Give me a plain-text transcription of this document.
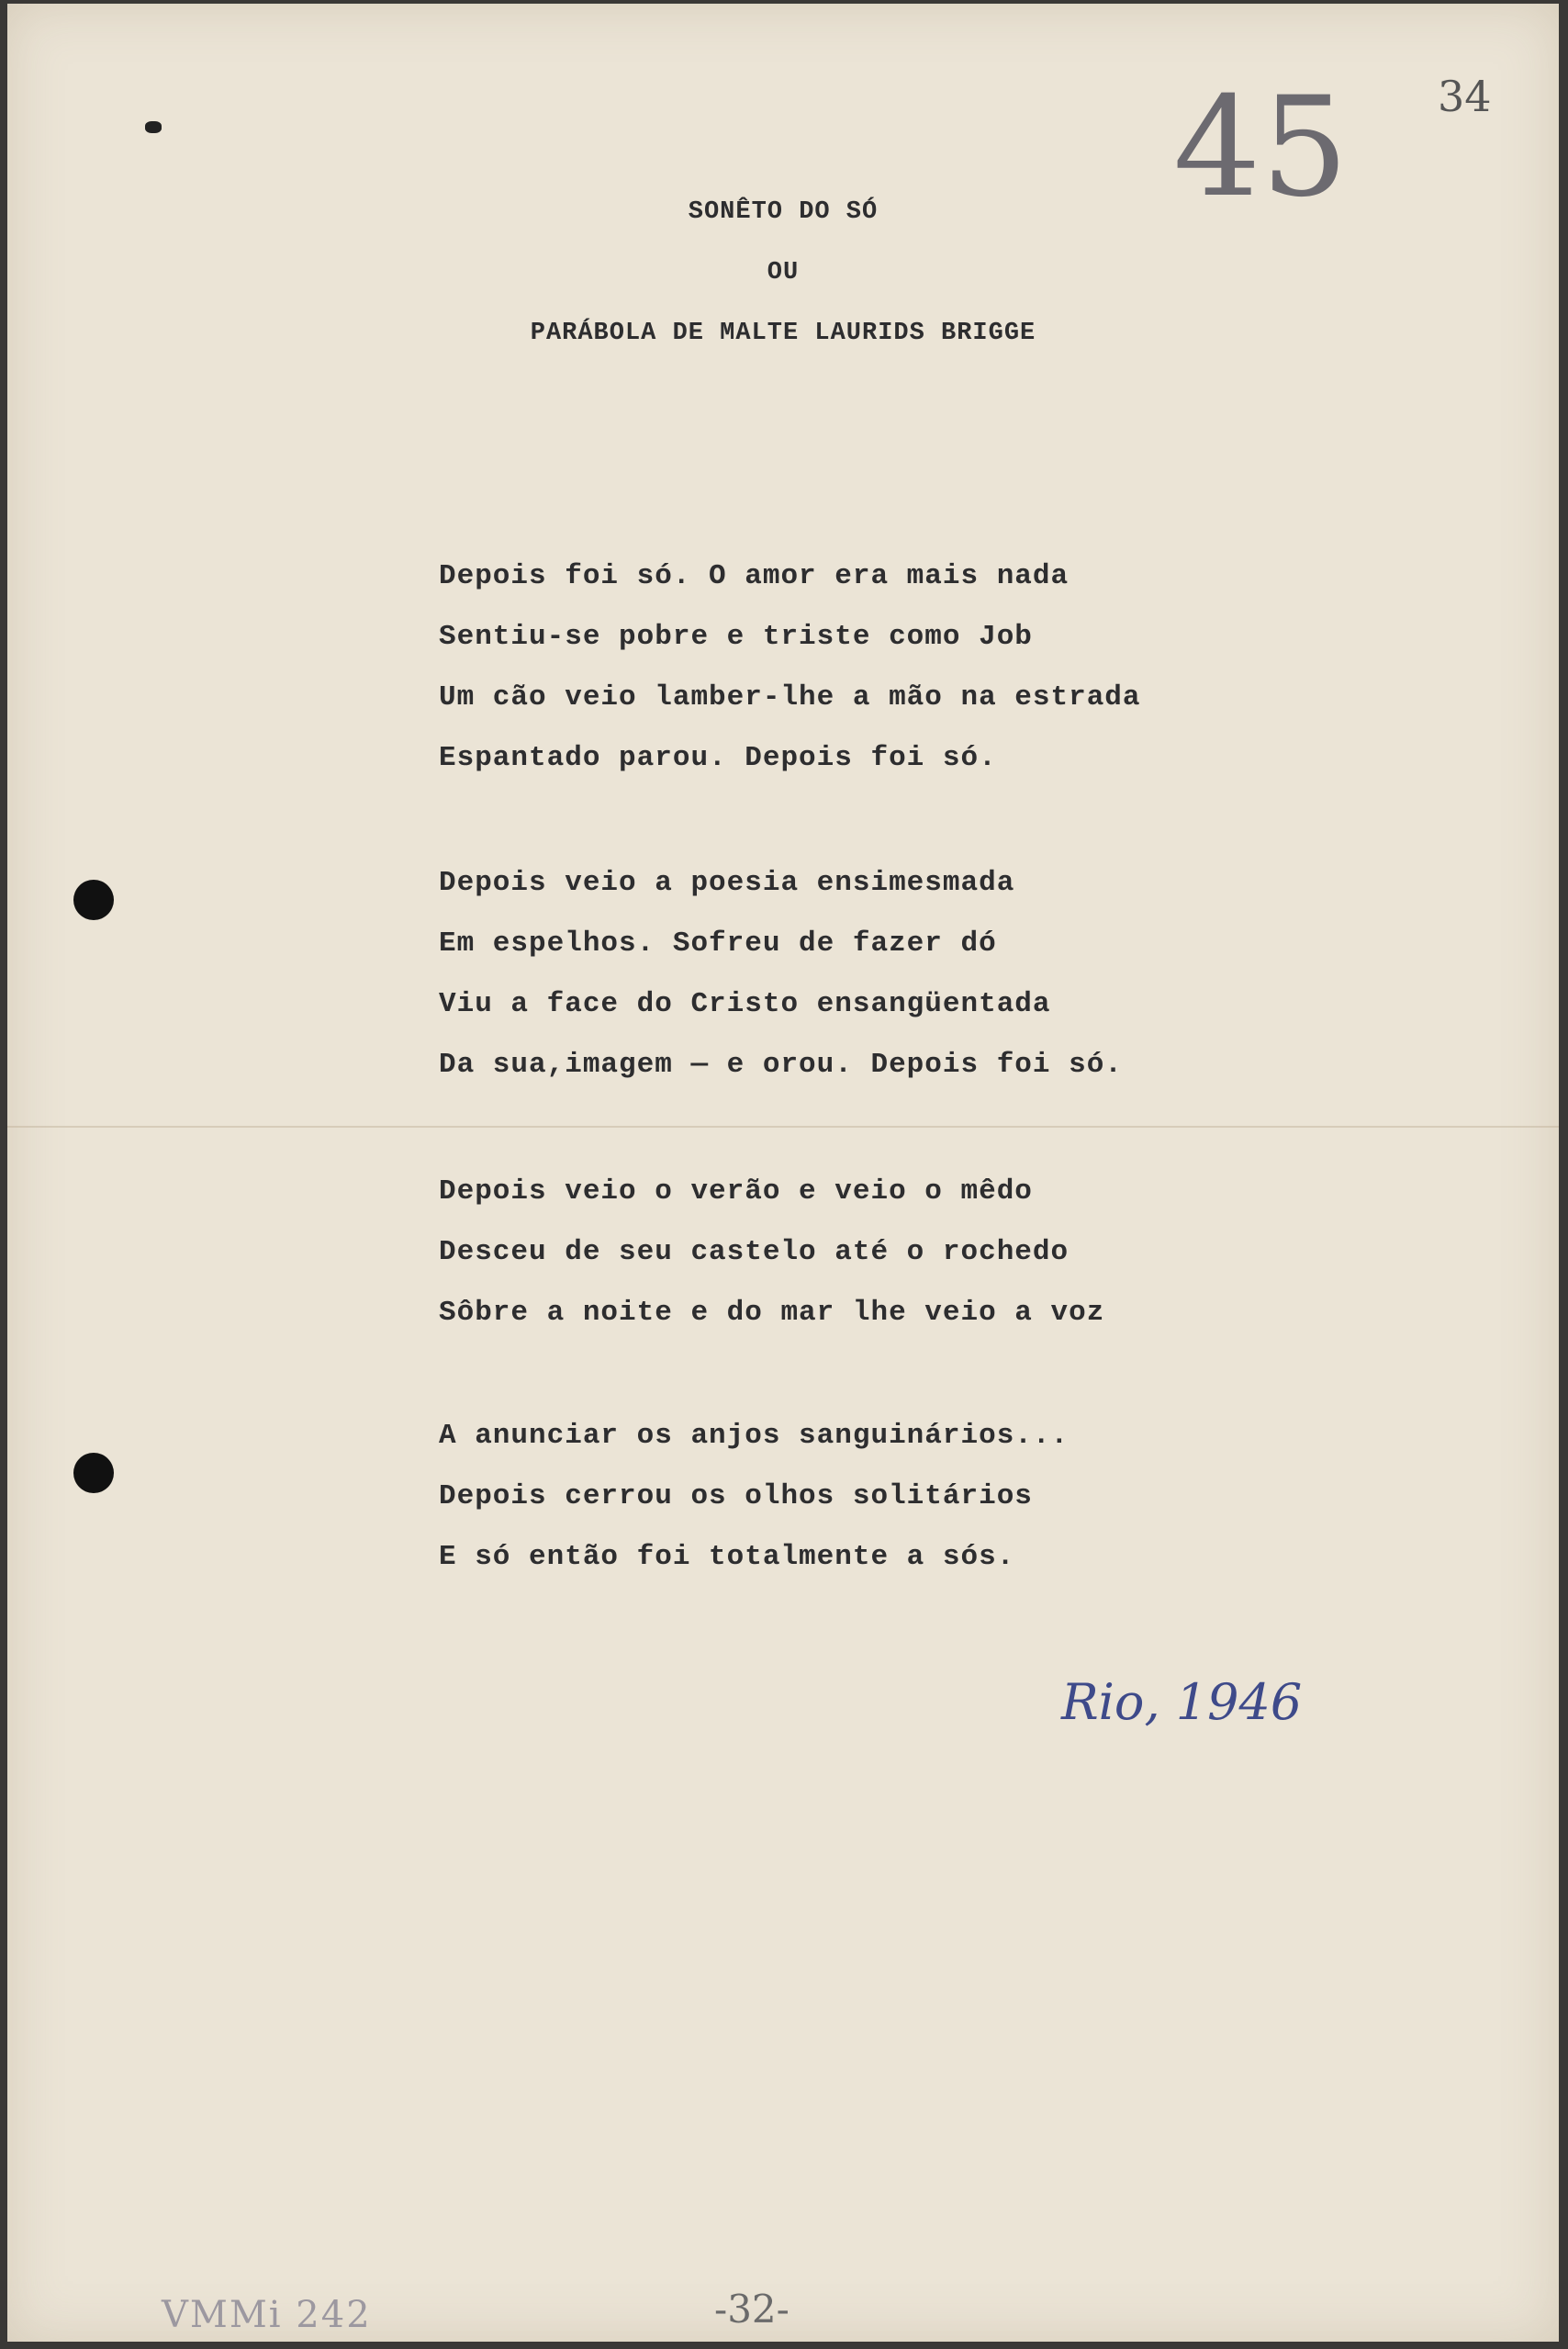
45 34
SONÊTO DO SÓ
OU
PARÁBOLA DE MALTE LAURIDS BRIGGE
Depois foi só. O amor era mais nada
Sentiu-se pobre e triste como Job
Um cão veio lamber-lhe a mão na estrada
Espantado parou. Depois foi só.
Depois veio a poesia ensimesmada
Em espelhos. Sofreu de fazer dó
Viu a face do Cristo ensangüentada
Da sua,imagem — e orou. Depois foi só.
Depois veio o verão e veio o mêdo
Desceu de seu castelo até o rochedo
Sôbre a noite e do mar lhe veio a voz
A anunciar os anjos sanguinários...
Depois cerrou os olhos solitários
E só então foi totalmente a sós.
Rio, 1946
-32-
VMMi 242
